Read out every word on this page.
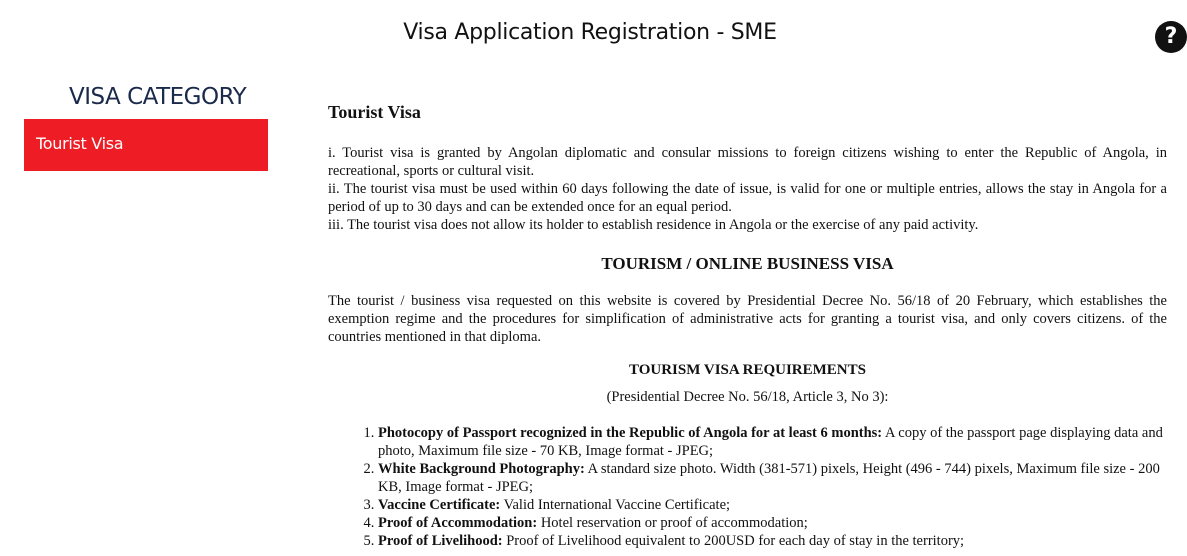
Visa Application Registration - SME	?
VISA CATEGORY
Tourist Visa
Tourist Visa

i. Tourist visa is granted by Angolan diplomatic and consular missions to foreign citizens wishing to enter the Republic of Angola, in recreational, sports or cultural visit.

ii. The tourist visa must be used within 60 days following the date of issue, is valid for one or multiple entries, allows the stay in Angola for a period of up to 30 days and can be extended once for an equal period.

iii. The tourist visa does not allow its holder to establish residence in Angola or the exercise of any paid activity.

TOURISM / ONLINE BUSINESS VISA

The tourist / business visa requested on this website is covered by Presidential Decree No. 56/18 of 20 February, which establishes the exemption regime and the procedures for simplification of administrative acts for granting a tourist visa, and only covers citizens. of the countries mentioned in that diploma.

TOURISM VISA REQUIREMENTS

(Presidential Decree No. 56/18, Article 3, No 3):

1. Photocopy of Passport recognized in the Republic of Angola for at least 6 months: A copy of the passport page displaying data and photo, Maximum file size - 70 KB, Image format - JPEG;
2. White Background Photography: A standard size photo. Width (381-571) pixels, Height (496 - 744) pixels, Maximum file size - 200 KB, Image format - JPEG;
3. Vaccine Certificate: Valid International Vaccine Certificate;
4. Proof of Accommodation: Hotel reservation or proof of accommodation;
5. Proof of Livelihood: Proof of Livelihood equivalent to 200USD for each day of stay in the territory;
